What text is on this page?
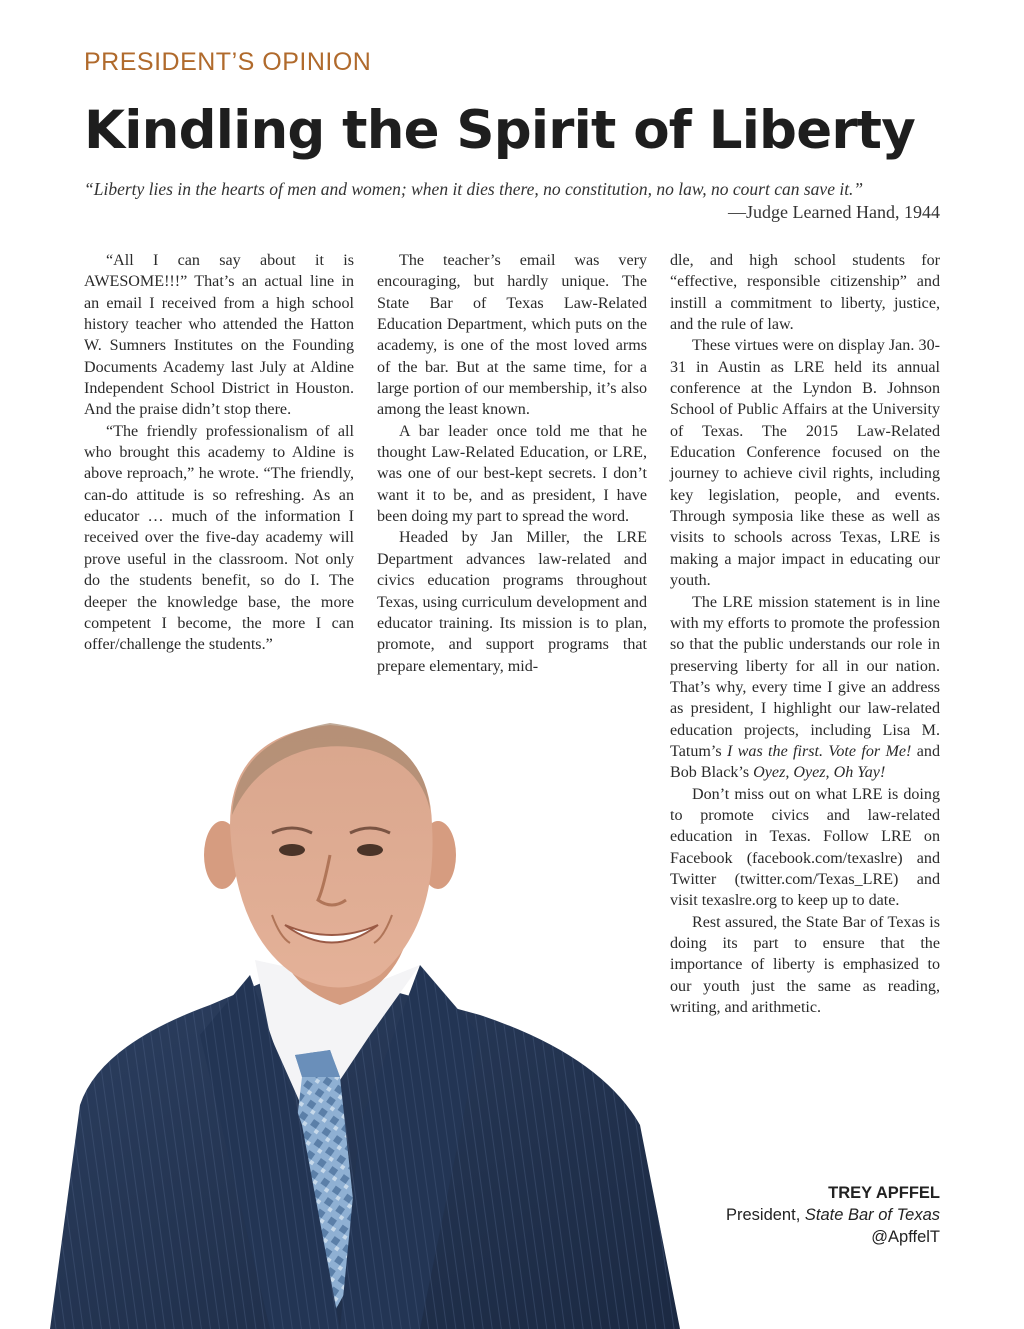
PRESIDENT’S OPINION
Kindling the Spirit of Liberty
“Liberty lies in the hearts of men and women; when it dies there, no constitution, no law, no court can save it.”
—Judge Learned Hand, 1944

“All I can say about it is AWESOME!!!” That’s an actual line in an email I received from a high school history teacher who attended the Hatton W. Sumners Institutes on the Founding Documents Academy last July at Aldine Independent School District in Houston. And the praise didn’t stop there.

“The friendly professionalism of all who brought this academy to Aldine is above reproach,” he wrote. “The friendly, can-do attitude is so refreshing. As an educator … much of the information I received over the five-day academy will prove useful in the classroom. Not only do the students benefit, so do I. The deeper the knowledge base, the more competent I become, the more I can offer/challenge the students.”

The teacher’s email was very encouraging, but hardly unique. The State Bar of Texas Law-Related Education Department, which puts on the academy, is one of the most loved arms of the bar. But at the same time, for a large portion of our membership, it’s also among the least known.

A bar leader once told me that he thought Law-Related Education, or LRE, was one of our best-kept secrets. I don’t want it to be, and as president, I have been doing my part to spread the word.

Headed by Jan Miller, the LRE Department advances law-related and civics education programs throughout Texas, using curriculum development and educator training. Its mission is to plan, promote, and support programs that prepare elementary, mid-

dle, and high school students for “effective, responsible citizenship” and instill a commitment to liberty, justice, and the rule of law.

These virtues were on display Jan. 30-31 in Austin as LRE held its annual conference at the Lyndon B. Johnson School of Public Affairs at the University of Texas. The 2015 Law-Related Education Conference focused on the journey to achieve civil rights, including key legislation, people, and events. Through symposia like these as well as visits to schools across Texas, LRE is making a major impact in educating our youth.

The LRE mission statement is in line with my efforts to promote the profession so that the public understands our role in preserving liberty for all in our nation. That’s why, every time I give an address as president, I highlight our law-related education projects, including Lisa M. Tatum’s I was the first. Vote for Me! and Bob Black’s Oyez, Oyez, Oh Yay!

Don’t miss out on what LRE is doing to promote civics and law-related education in Texas. Follow LRE on Facebook (facebook.com/texaslre) and Twitter (twitter.com/Texas_LRE) and visit texaslre.org to keep up to date.

Rest assured, the State Bar of Texas is doing its part to ensure that the importance of liberty is emphasized to our youth just the same as reading, writing, and arithmetic.

TREY APFFEL
President, State Bar of Texas
@ApffelT
